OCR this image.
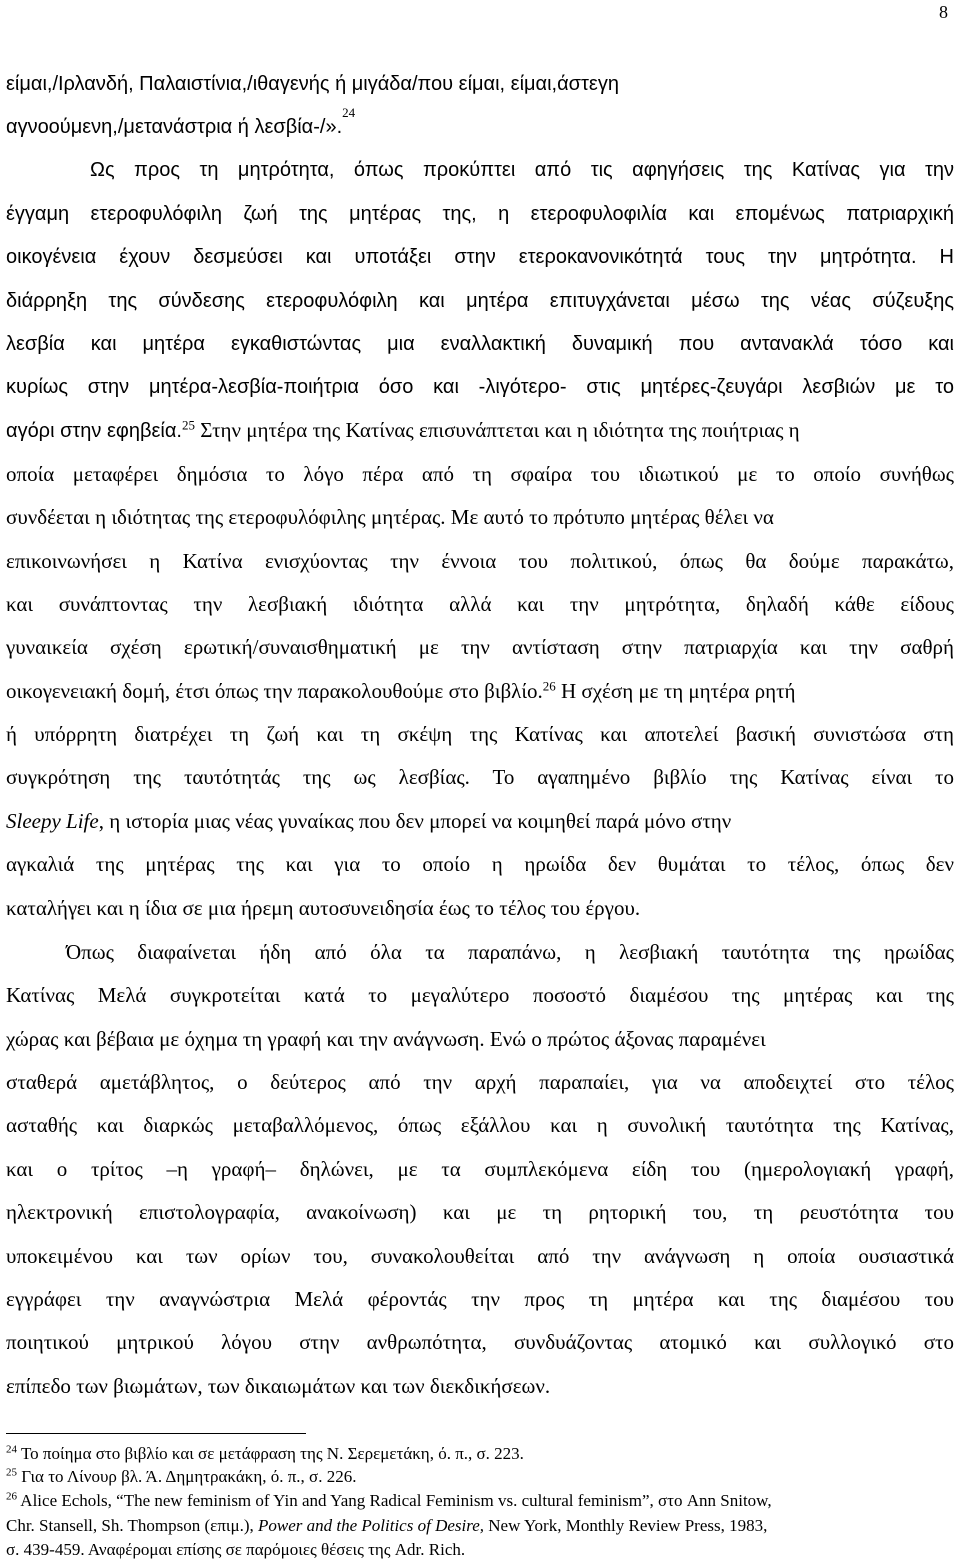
8
είμαι,/Ιρλανδή, Παλαιστίνια,/ιθαγενής ή μιγάδα/που είμαι, είμαι,άστεγη
αγνοούμενη,/μετανάστρια ή λεσβία-/».$^{24}$
Ως προς τη μητρότητα, όπως προκύπτει από τις αφηγήσεις της Κατίνας για την
έγγαμη ετεροφυλόφιλη ζωή της μητέρας της, η ετεροφυλοφιλία και επομένως πατριαρχική
οικογένεια έχουν δεσμεύσει και υποτάξει στην ετεροκανονικότητά τους την μητρότητα. Η
διάρρηξη της σύνδεσης ετεροφυλόφιλη και μητέρα επιτυγχάνεται μέσω της νέας σύζευξης
λεσβία και μητέρα εγκαθιστώντας μια εναλλακτική δυναμική που αντανακλά τόσο και
κυρίως στην μητέρα-λεσβία-ποιήτρια όσο και -λιγότερο- στις μητέρες-ζευγάρι λεσβιών με το
αγόρι στην εφηβεία.$^{25}$ Στην μητέρα της Κατίνας επισυνάπτεται και η ιδιότητα της ποιήτριας η
οποία μεταφέρει δημόσια το λόγο πέρα από τη σφαίρα του ιδιωτικού με το οποίο συνήθως
συνδέεται η ιδιότητας της ετεροφυλόφιλης μητέρας. Με αυτό το πρότυπο μητέρας θέλει να
επικοινωνήσει η Κατίνα ενισχύοντας την έννοια του πολιτικού, όπως θα δούμε παρακάτω,
και συνάπτοντας την λεσβιακή ιδιότητα αλλά και την μητρότητα, δηλαδή κάθε είδους
γυναικεία σχέση ερωτική/συναισθηματική με την αντίσταση στην πατριαρχία και την σαθρή
οικογενειακή δομή, έτσι όπως την παρακολουθούμε στο βιβλίο.$^{26}$ Η σχέση με τη μητέρα ρητή
ή υπόρρητη διατρέχει τη ζωή και τη σκέψη της Κατίνας και αποτελεί βασική συνιστώσα στη
συγκρότηση της ταυτότητάς της ως λεσβίας. Το αγαπημένο βιβλίο της Κατίνας είναι το
Sleepy Life, η ιστορία μιας νέας γυναίκας που δεν μπορεί να κοιμηθεί παρά μόνο στην
αγκαλιά της μητέρας της και για το οποίο η ηρωίδα δεν θυμάται το τέλος, όπως δεν
καταλήγει και η ίδια σε μια ήρεμη αυτοσυνειδησία έως το τέλος του έργου.
Όπως διαφαίνεται ήδη από όλα τα παραπάνω, η λεσβιακή ταυτότητα της ηρωίδας
Κατίνας Μελά συγκροτείται κατά το μεγαλύτερο ποσοστό διαμέσου της μητέρας και της
χώρας και βέβαια με όχημα τη γραφή και την ανάγνωση. Ενώ ο πρώτος άξονας παραμένει
σταθερά αμετάβλητος, ο δεύτερος από την αρχή παραπαίει, για να αποδειχτεί στο τέλος
ασταθής και διαρκώς μεταβαλλόμενος, όπως εξάλλου και η συνολική ταυτότητα της Κατίνας,
και ο τρίτος –η γραφή– δηλώνει, με τα συμπλεκόμενα είδη του (ημερολογιακή γραφή,
ηλεκτρονική επιστολογραφία, ανακοίνωση) και με τη ρητορική του, τη ρευστότητα του
υποκειμένου και των ορίων του, συνακολουθείται από την ανάγνωση η οποία ουσιαστικά
εγγράφει την αναγνώστρια Μελά φέροντάς την προς τη μητέρα και της διαμέσου του
ποιητικού μητρικού λόγου στην ανθρωπότητα, συνδυάζοντας ατομικό και συλλογικό στο
επίπεδο των βιωμάτων, των δικαιωμάτων και των διεκδικήσεων.
$^{24}$ Το ποίημα στο βιβλίο και σε μετάφραση της Ν. Σερεμετάκη, ό. π., σ. 223.
$^{25}$ Για το Λίνουρ βλ. Ά. Δημητρακάκη, ό. π., σ. 226.
$^{26}$ Alice Echols, “The new feminism of Yin and Yang Radical Feminism vs. cultural feminism”, στο Ann Snitow,
Chr. Stansell, Sh. Thompson (επιμ.), Power and the Politics of Desire, New York, Monthly Review Press, 1983,
σ. 439-459. Αναφέρομαι επίσης σε παρόμοιες θέσεις της Adr. Rich.
